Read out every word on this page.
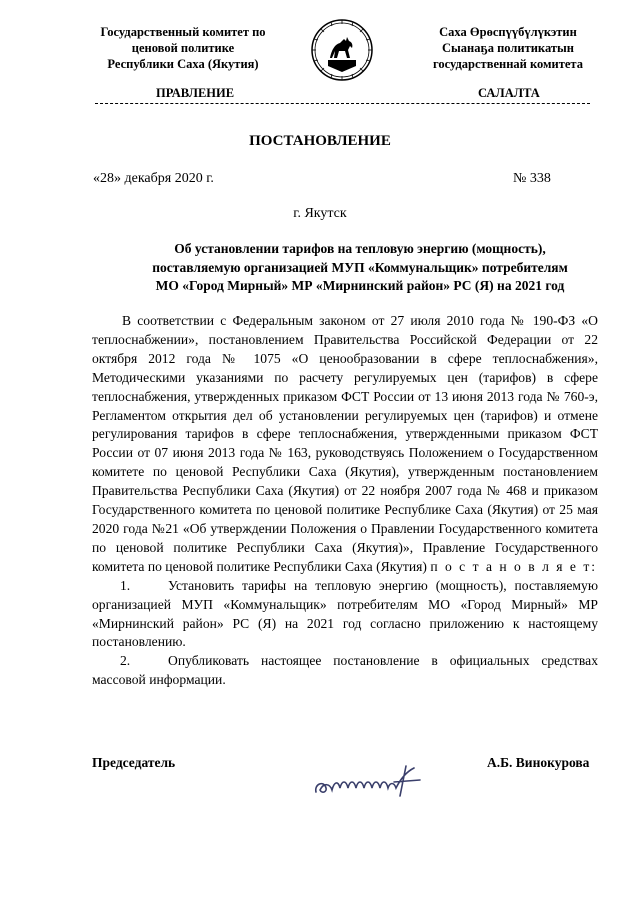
Государственный комитет по
ценовой политике
Республики Саха (Якутия)
Саха Өрөспүүбүлүкэтин
Сыанаҕа политикатын
государственнай комитета
ПРАВЛЕНИЕ	САЛАЛТА
ПОСТАНОВЛЕНИЕ
«28» декабря 2020 г.	№ 338
г. Якутск
Об установлении тарифов на тепловую энергию (мощность),
поставляемую организацией МУП «Коммунальщик» потребителям
МО «Город Мирный» МР «Мирнинский район» РС (Я) на 2021 год

В соответствии с Федеральным законом от 27 июля 2010 года № 190-ФЗ «О теплоснабжении», постановлением Правительства Российской Федерации от 22 октября 2012 года № 1075 «О ценообразовании в сфере теплоснабжения», Методическими указаниями по расчету регулируемых цен (тарифов) в сфере теплоснабжения, утвержденных приказом ФСТ России от 13 июня 2013 года № 760-э, Регламентом открытия дел об установлении регулируемых цен (тарифов) и отмене регулирования тарифов в сфере теплоснабжения, утвержденными приказом ФСТ России от 07 июня 2013 года № 163, руководствуясь Положением о Государственном комитете по ценовой Республики Саха (Якутия), утвержденным постановлением Правительства Республики Саха (Якутия) от 22 ноября 2007 года № 468 и приказом Государственного комитета по ценовой политике Республике Саха (Якутия) от 25 мая 2020 года №21 «Об утверждении Положения о Правлении Государственного комитета по ценовой политике Республики Саха (Якутия)», Правление Государственного комитета по ценовой политике Республики Саха (Якутия) п о с т а н о в л я е т:

1.	Установить тарифы на тепловую энергию (мощность), поставляемую организацией МУП «Коммунальщик» потребителям МО «Город Мирный» МР «Мирнинский район» РС (Я) на 2021 год согласно приложению к настоящему постановлению.

2.	Опубликовать настоящее постановление в официальных средствах массовой информации.

Председатель	А.Б. Винокурова
